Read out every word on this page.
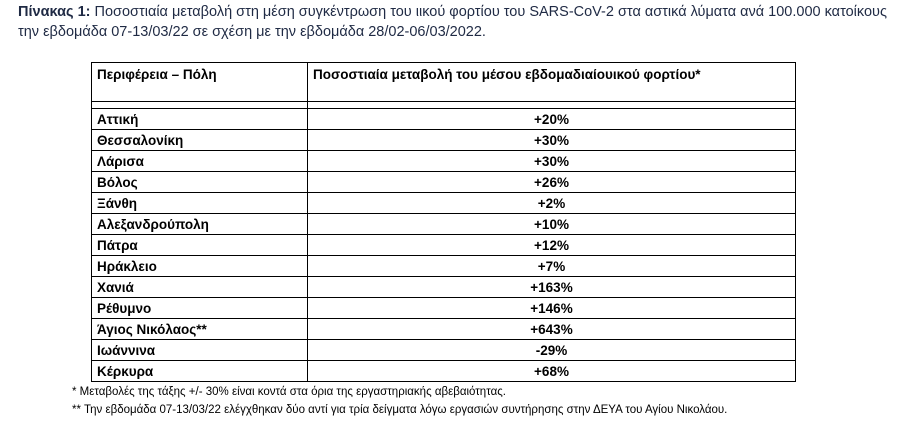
Πίνακας 1: Ποσοστιαία μεταβολή στη μέση συγκέντρωση του ιικού φορτίου του SARS-CoV-2 στα αστικά λύματα ανά 100.000 κατοίκους την εβδομάδα 07-13/03/22 σε σχέση με την εβδομάδα 28/02-06/03/2022.
Περιφέρεια – Πόλη	Ποσοστιαία μεταβολή του μέσου εβδομαδιαίουικού φορτίου*

Αττική	+20%
Θεσσαλονίκη	+30%
Λάρισα	+30%
Βόλος	+26%
Ξάνθη	+2%
Αλεξανδρούπολη	+10%
Πάτρα	+12%
Ηράκλειο	+7%
Χανιά	+163%
Ρέθυμνο	+146%
Άγιος Νικόλαος**	+643%
Ιωάννινα	-29%
Κέρκυρα	+68%
* Μεταβολές της τάξης +/- 30% είναι κοντά στα όρια της εργαστηριακής αβεβαιότητας.
** Την εβδομάδα 07-13/03/22 ελέγχθηκαν δύο αντί για τρία δείγματα λόγω εργασιών συντήρησης στην ΔΕΥΑ του Αγίου Νικολάου.
